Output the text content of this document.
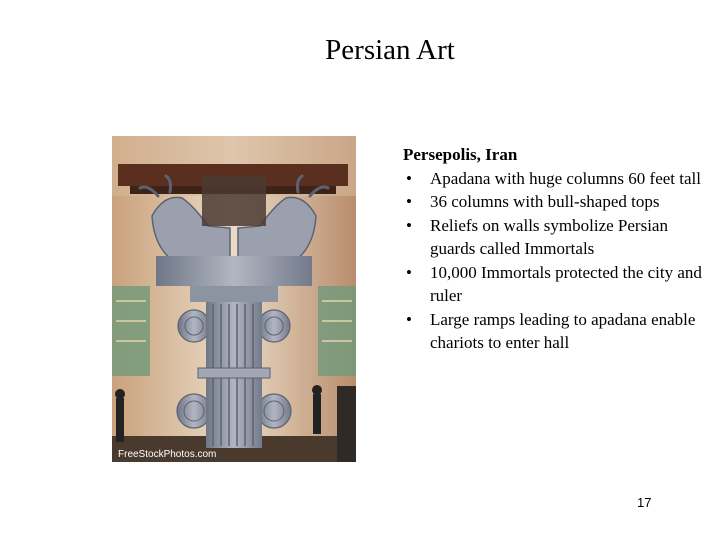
Persian Art
FreeStockPhotos.com
Persepolis, Iran
•	Apadana with huge columns 60 feet tall
•	36 columns with bull-shaped tops
•	Reliefs on walls symbolize Persian guards called Immortals
•	10,000 Immortals protected the city and ruler
•	Large ramps leading to apadana enable chariots to enter hall
17
